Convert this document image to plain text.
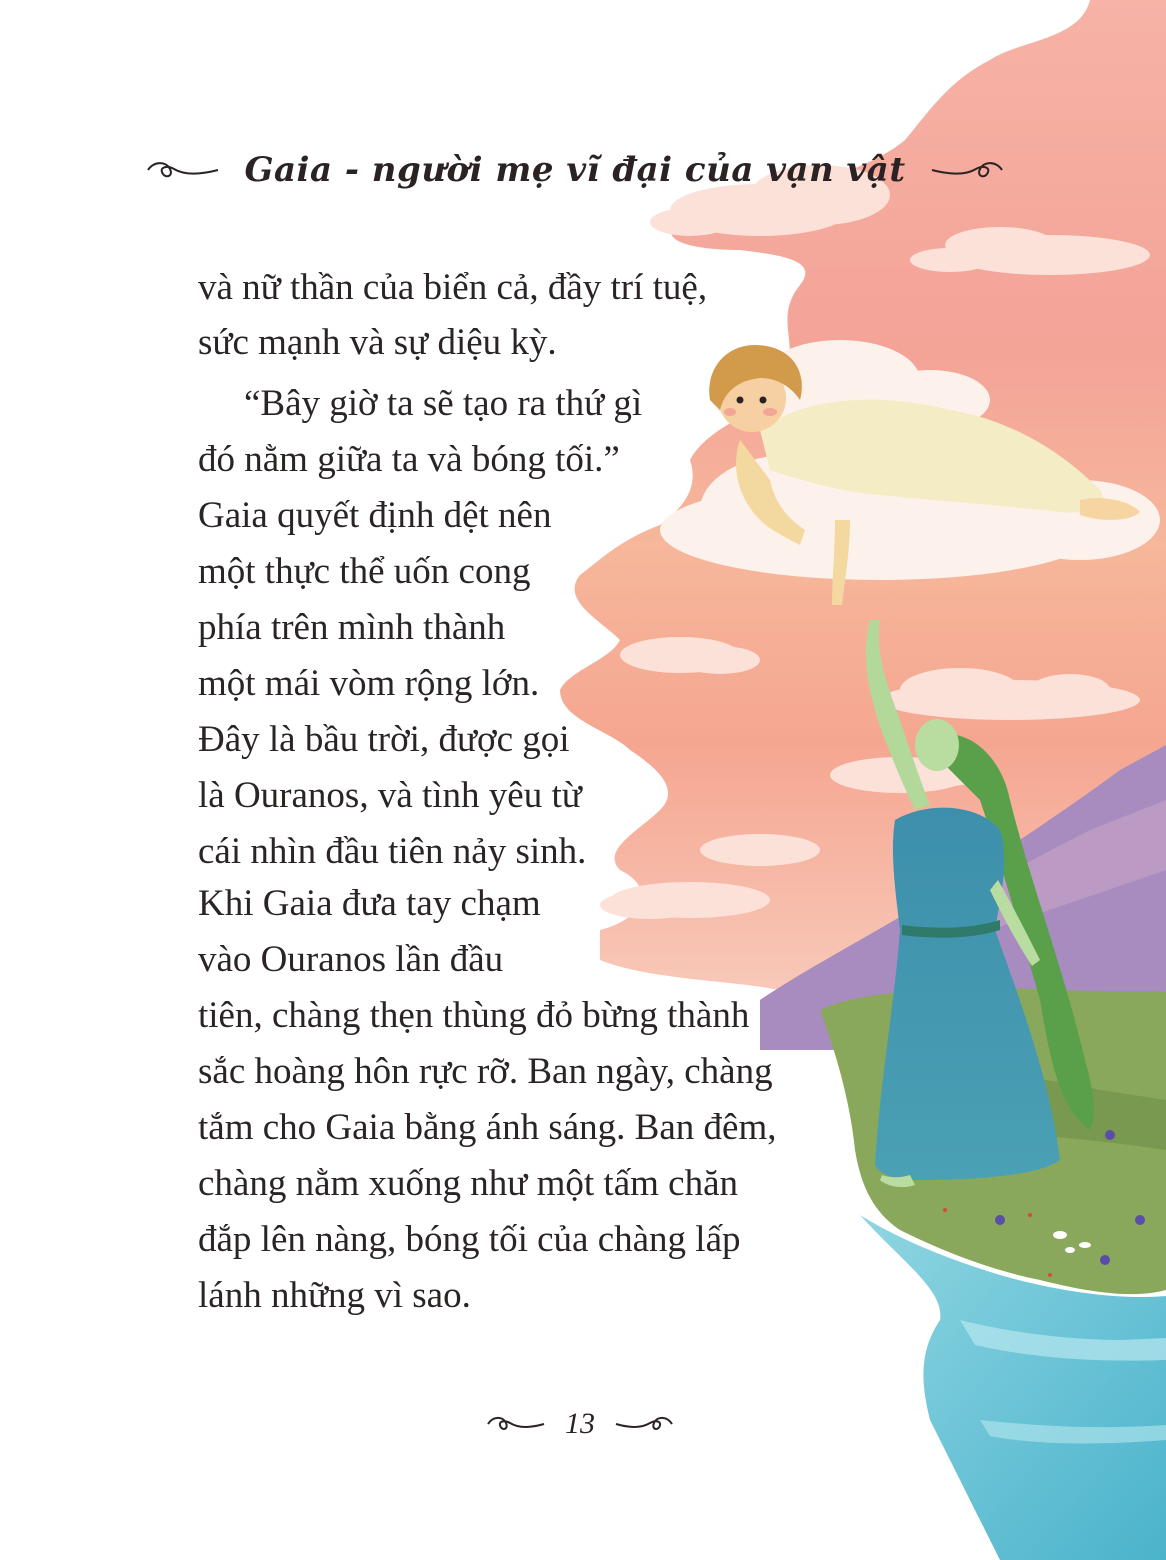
Gaia - người mẹ vĩ đại của vạn vật
và nữ thần của biển cả, đầy trí tuệ,
sức mạnh và sự diệu kỳ.
“Bây giờ ta sẽ tạo ra thứ gì
đó nằm giữa ta và bóng tối.”
Gaia quyết định dệt nên
một thực thể uốn cong
phía trên mình thành
một mái vòm rộng lớn.
Đây là bầu trời, được gọi
là Ouranos, và tình yêu từ
cái nhìn đầu tiên nảy sinh.
Khi Gaia đưa tay chạm
vào Ouranos lần đầu
tiên, chàng thẹn thùng đỏ bừng thành
sắc hoàng hôn rực rỡ. Ban ngày, chàng
tắm cho Gaia bằng ánh sáng. Ban đêm,
chàng nằm xuống như một tấm chăn
đắp lên nàng, bóng tối của chàng lấp
lánh những vì sao.
13
